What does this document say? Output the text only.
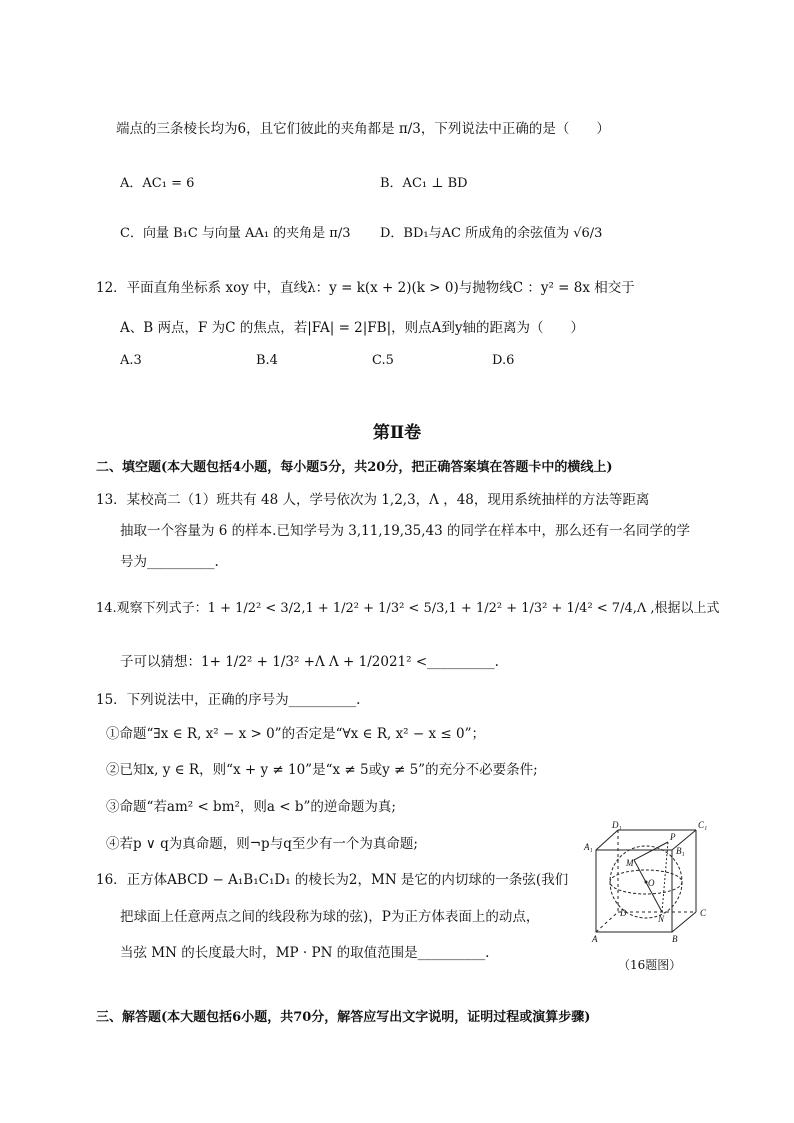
端点的三条棱长均为6，且它们彼此的夹角都是 π/3，下列说法中正确的是（　　）
A．AC₁ = 6	B．AC₁ ⊥ BD
C．向量 B₁C 与向量 AA₁ 的夹角是 π/3 D．BD₁与AC 所成角的余弦值为 √6/3
12．平面直角坐标系 xoy 中，直线λ：y = k(x + 2)(k > 0)与抛物线C ：y² = 8x 相交于
A、B 两点，F 为C 的焦点，若|FA| = 2|FB|，则点A到y轴的距离为（　　）
A.3	B.4	C.5	D.6
第Ⅱ卷
二、填空题(本大题包括4小题，每小题5分，共20分，把正确答案填在答题卡中的横线上)
13．某校高二（1）班共有 48 人，学号依次为 1,2,3，Λ ，48，现用系统抽样的方法等距离
抽取一个容量为 6 的样本.已知学号为 3,11,19,35,43 的同学在样本中，那么还有一名同学的学
号为__________.
14.观察下列式子：1 + 1/2² < 3/2,1 + 1/2² + 1/3² < 5/3,1 + 1/2² + 1/3² + 1/4² < 7/4,Λ ,根据以上式
子可以猜想：1+ 1/2² + 1/3² +Λ Λ + 1/2021² <__________.
15．下列说法中，正确的序号为__________.
①命题“∃x ∈ R, x² − x > 0”的否定是“∀x ∈ R, x² − x ≤ 0”；
②已知x, y ∈ R，则“x + y ≠ 10”是“x ≠ 5或y ≠ 5”的充分不必要条件;
③命题“若am² < bm²，则a < b”的逆命题为真;
④若p ∨ q为真命题，则¬p与q至少有一个为真命题;
16．正方体ABCD − A₁B₁C₁D₁ 的棱长为2，MN 是它的内切球的一条弦(我们
把球面上任意两点之间的线段称为球的弦)，P为正方体表面上的动点，
当弦 MN 的长度最大时，MP · PN 的取值范围是__________.
D₁	C₁
A₁	B₁
P
M
O
N
D	C
A	B
（16题图）
三、解答题(本大题包括6小题，共70分，解答应写出文字说明，证明过程或演算步骤)
